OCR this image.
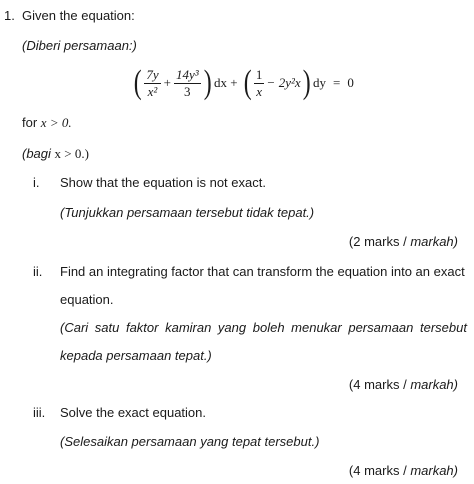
1. Given the equation:
(Diberi persamaan:)
( $\frac{7y}{\text{x²}} + \frac{\text{14y³}}{3}$ ) dx + ( $\frac{1}{x} - 2y^2x$ ) dy = 0
for x > 0.
(bagi x > 0.)
i. Show that the equation is not exact.
(Tunjukkan persamaan tersebut tidak tepat.)
(2 marks / markah)
ii. Find an integrating factor that can transform the equation into an exact
equation.
(Cari satu faktor kamiran yang boleh menukar persamaan tersebut
kepada persamaan tepat.)
(4 marks / markah)
iii. Solve the exact equation.
(Selesaikan persamaan yang tepat tersebut.)
(4 marks / markah)
